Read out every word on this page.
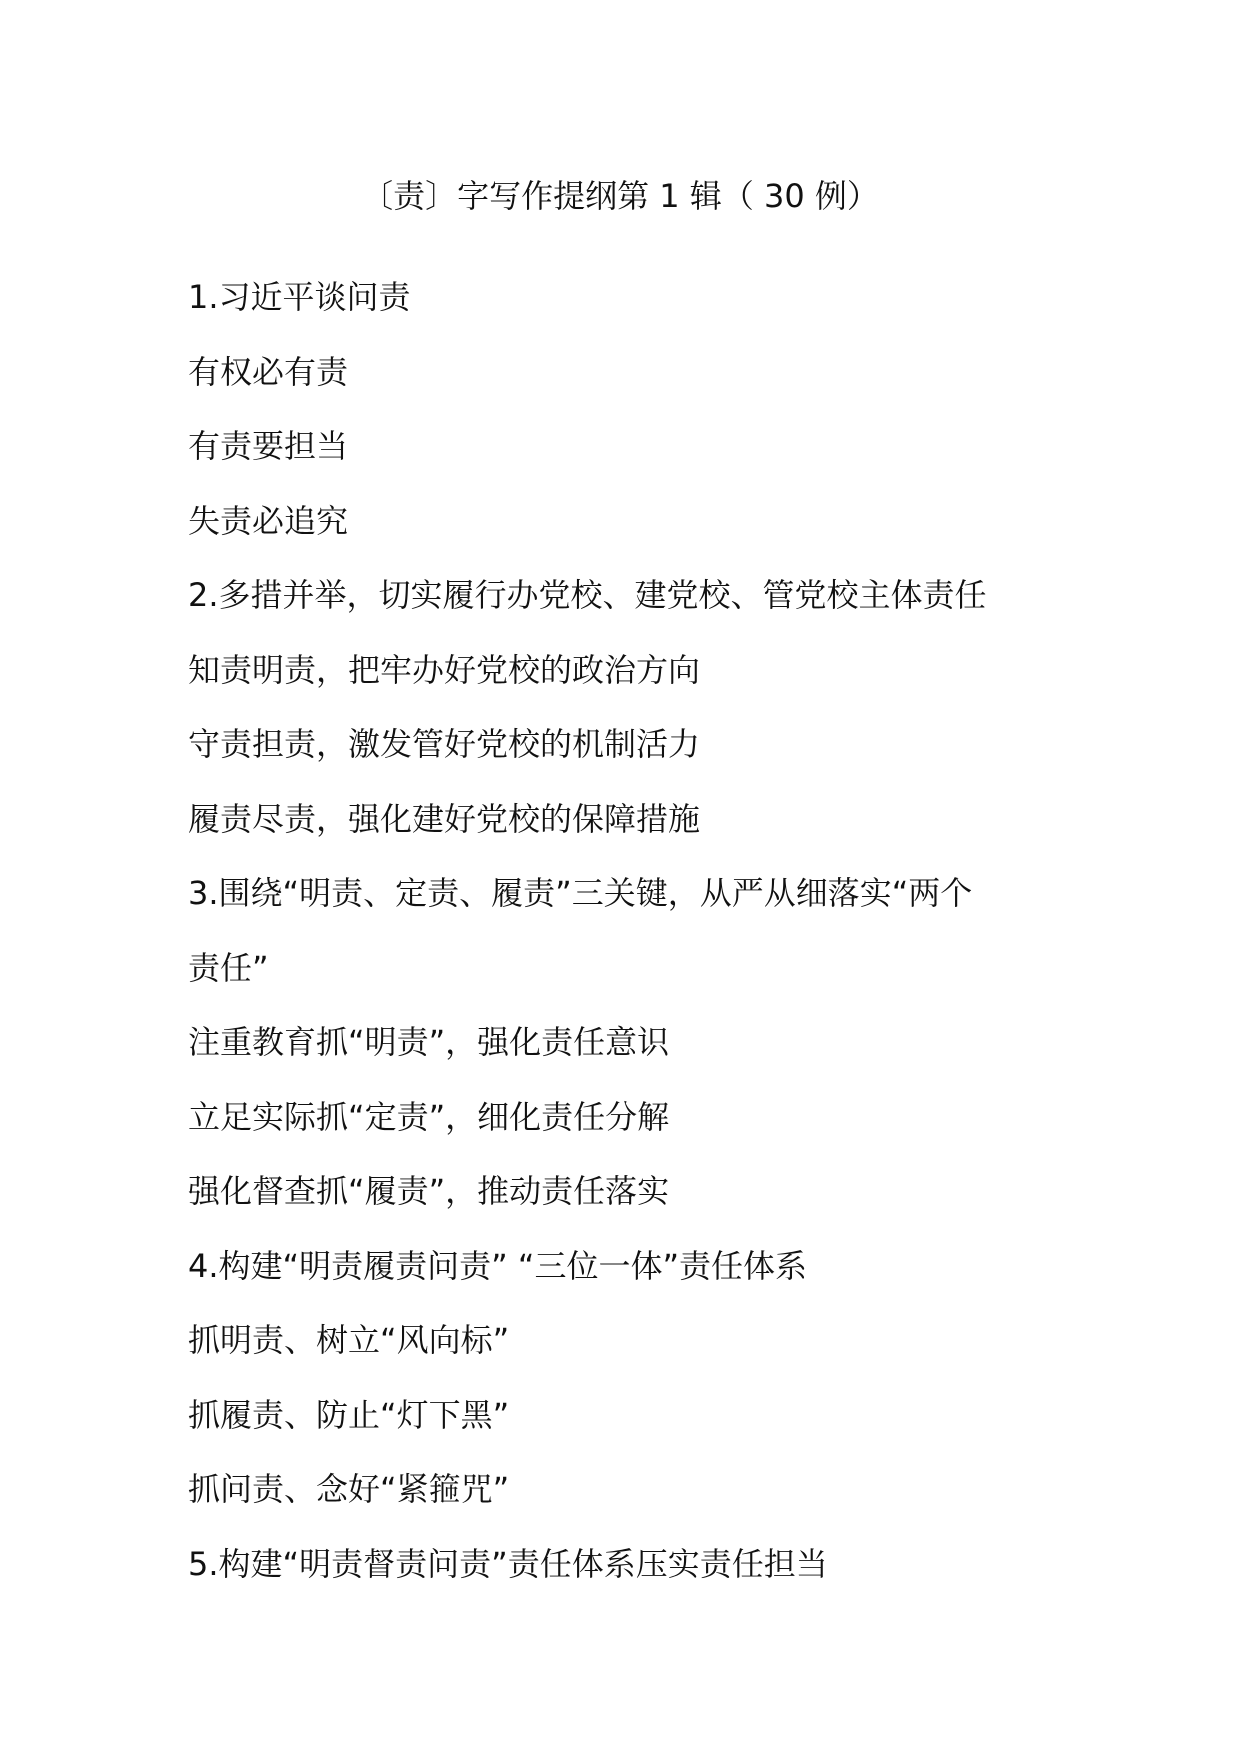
〔责〕字写作提纲第 1 辑（ 30 例）
1.习近平谈问责
有权必有责
有责要担当
失责必追究
2.多措并举，切实履行办党校、建党校、管党校主体责任
知责明责，把牢办好党校的政治方向
守责担责，激发管好党校的机制活力
履责尽责，强化建好党校的保障措施
3.围绕“明责、定责、履责”三关键，从严从细落实“两个
责任”
注重教育抓“明责”，强化责任意识
立足实际抓“定责”，细化责任分解
强化督查抓“履责”，推动责任落实
4.构建“明责履责问责” “三位一体”责任体系
抓明责、树立“风向标”
抓履责、防止“灯下黑”
抓问责、念好“紧箍咒”
5.构建“明责督责问责”责任体系压实责任担当
